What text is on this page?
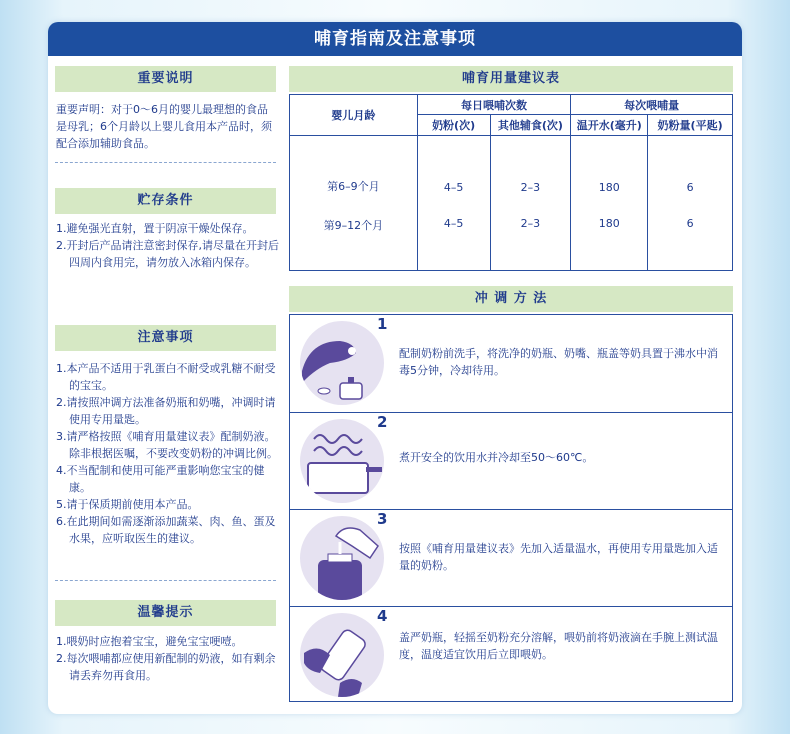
哺育指南及注意事项
重要说明
重要声明：对于0～6月的婴儿最理想的食品是母乳；6个月龄以上婴儿食用本产品时，须配合添加辅助食品。
贮存条件
1.避免强光直射，置于阴凉干燥处保存。
2.开封后产品请注意密封保存,请尽量在开封后四周内食用完，请勿放入冰箱内保存。
注意事项
1.本产品不适用于乳蛋白不耐受或乳糖不耐受的宝宝。
2.请按照冲调方法准备奶瓶和奶嘴，冲调时请使用专用量匙。
3.请严格按照《哺育用量建议表》配制奶液。除非根据医嘱，不要改变奶粉的冲调比例。
4.不当配制和使用可能严重影响您宝宝的健康。
5.请于保质期前使用本产品。
6.在此期间如需逐渐添加蔬菜、肉、鱼、蛋及水果，应听取医生的建议。
温馨提示
1.喂奶时应抱着宝宝，避免宝宝哽噎。
2.每次喂哺都应使用新配制的奶液，如有剩余请丢弃勿再食用。
哺育用量建议表
婴儿月龄	每日喂哺次数		每次喂哺量	
	奶粉(次)	其他辅食(次)	温开水(毫升)	奶粉量(平匙)
第6–9个月	4–5	2–3	180	6
第9–12个月	4–5	2–3	180	6
冲 调 方 法
1
配制奶粉前洗手，将洗净的奶瓶、奶嘴、瓶盖等奶具置于沸水中消毒5分钟，冷却待用。
2
煮开安全的饮用水并冷却至50～60℃。
3
按照《哺育用量建议表》先加入适量温水，再使用专用量匙加入适量的奶粉。
4
盖严奶瓶，轻摇至奶粉充分溶解，喂奶前将奶液滴在手腕上测试温度，温度适宜饮用后立即喂奶。
